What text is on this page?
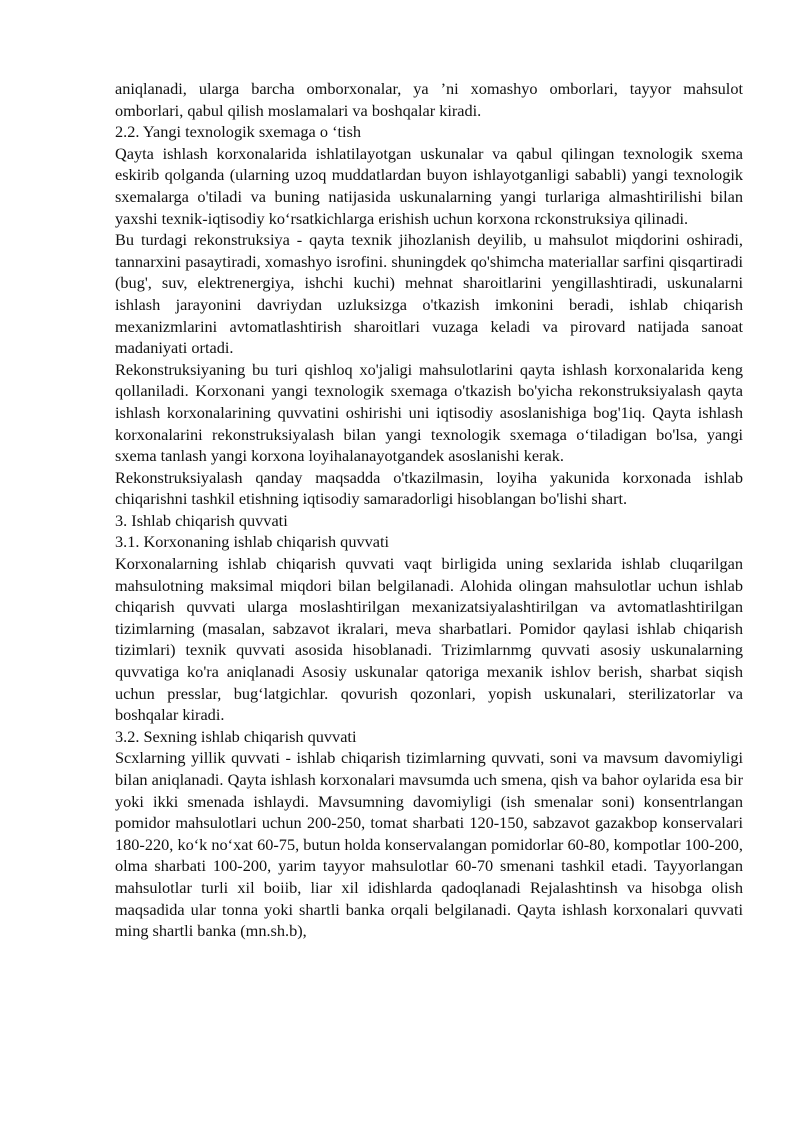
aniqlanadi, ularga barcha omborxonalar, ya ’ni xomashyo omborlari, tayyor mahsulot omborlari, qabul qilish moslamalari va boshqalar kiradi.

2.2. Yangi texnologik sxemaga o ‘tish

Qayta ishlash korxonalarida ishlatilayotgan uskunalar va qabul qilingan texnologik sxema eskirib qolganda (ularning uzoq muddatlardan buyon ishlayotganligi sababli) yangi texnologik sxemalarga o'tiladi va buning natijasida uskunalarning yangi turlariga almashtirilishi bilan yaxshi texnik-iqtisodiy ko‘rsatkichlarga erishish uchun korxona rckonstruksiya qilinadi.

Bu turdagi rekonstruksiya - qayta texnik jihozlanish deyilib, u mahsulot miqdorini oshiradi, tannarxini pasaytiradi, xomashyo isrofini. shuningdek qo'shimcha materiallar sarfini qisqartiradi (bug', suv, elektrenergiya, ishchi kuchi) mehnat sharoitlarini yengillashtiradi, uskunalarni ishlash jarayonini davriydan uzluksizga o'tkazish imkonini beradi, ishlab chiqarish mexanizmlarini avtomatlashtirish sharoitlari vuzaga keladi va pirovard natijada sanoat madaniyati ortadi.

Rekonstruksiyaning bu turi qishloq xo'jaligi mahsulotlarini qayta ishlash korxonalarida keng qollaniladi. Korxonani yangi texnologik sxemaga o'tkazish bo'yicha rekonstruksiyalash qayta ishlash korxonalarining quvvatini oshirishi uni iqtisodiy asoslanishiga bog'1iq. Qayta ishlash korxonalarini rekonstruksiyalash bilan yangi texnologik sxemaga o‘tiladigan bo'lsa, yangi sxema tanlash yangi korxona loyihalanayotgandek asoslanishi kerak.

Rekonstruksiyalash qanday maqsadda o'tkazilmasin, loyiha yakunida korxonada ishlab chiqarishni tashkil etishning iqtisodiy samaradorligi hisoblangan bo'lishi shart.

3. Ishlab chiqarish quvvati

3.1. Korxonaning ishlab chiqarish quvvati

Korxonalarning ishlab chiqarish quvvati vaqt birligida uning sexlarida ishlab cluqarilgan mahsulotning maksimal miqdori bilan belgilanadi. Alohida olingan mahsulotlar uchun ishlab chiqarish quvvati ularga moslashtirilgan mexanizatsiyalashtirilgan va avtomatlashtirilgan tizimlarning (masalan, sabzavot ikralari, meva sharbatlari. Pomidor qaylasi ishlab chiqarish tizimlari) texnik quvvati asosida hisoblanadi. Trizimlarnmg quvvati asosiy uskunalarning quvvatiga ko'ra aniqlanadi Asosiy uskunalar qatoriga mexanik ishlov berish, sharbat siqish uchun presslar, bug‘latgichlar. qovurish qozonlari, yopish uskunalari, sterilizatorlar va boshqalar kiradi.

3.2. Sexning ishlab chiqarish quvvati

Scxlarning yillik quvvati - ishlab chiqarish tizimlarning quvvati, soni va mavsum davomiyligi bilan aniqlanadi. Qayta ishlash korxonalari mavsumda uch smena, qish va bahor oylarida esa bir yoki ikki smenada ishlaydi. Mavsumning davomiyligi (ish smenalar soni) konsentrlangan pomidor mahsulotlari uchun 200-250, tomat sharbati 120-150, sabzavot gazakbop konservalari 180-220, ko‘k no‘xat 60-75, butun holda konservalangan pomidorlar 60-80, kompotlar 100-200, olma sharbati 100-200, yarim tayyor mahsulotlar 60-70 smenani tashkil etadi. Tayyorlangan mahsulotlar turli xil boiib, liar xil idishlarda qadoqlanadi Rejalashtinsh va hisobga olish maqsadida ular tonna yoki shartli banka orqali belgilanadi. Qayta ishlash korxonalari quvvati ming shartli banka (mn.sh.b),
